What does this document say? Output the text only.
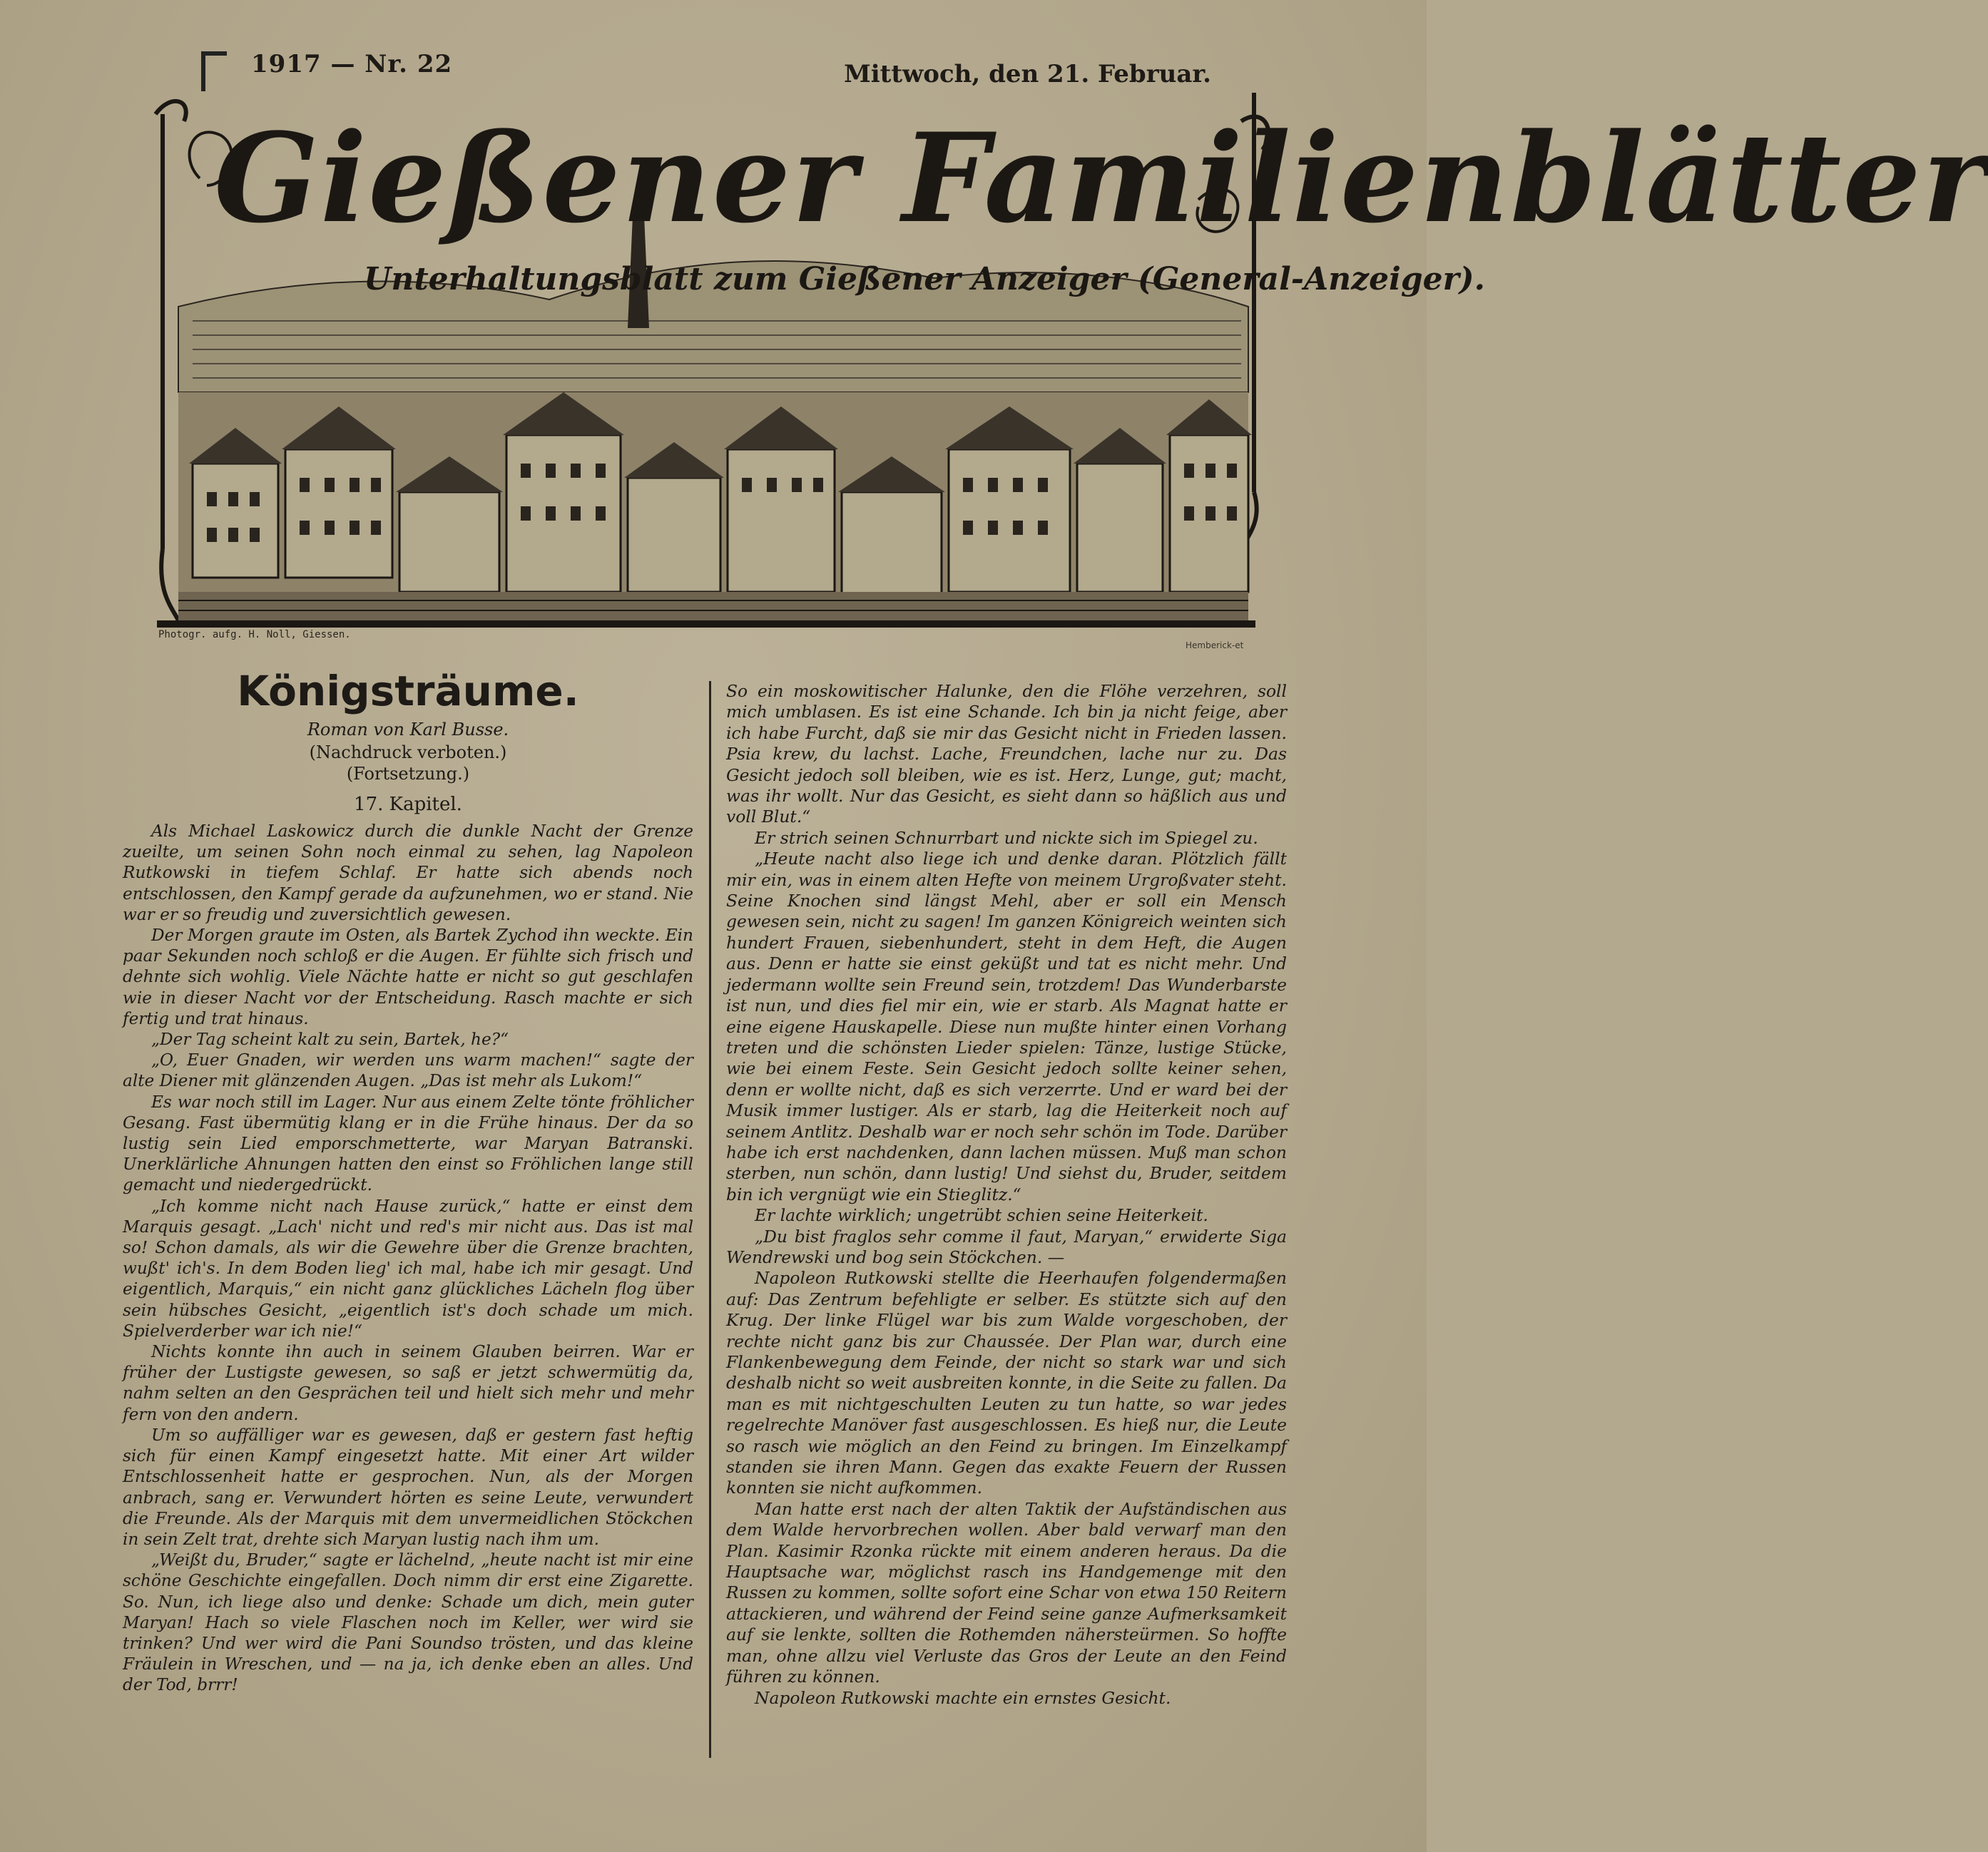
1917 — Nr. 22	Mittwoch, den 21. Februar.
Gießener Familienblätter
Unterhaltungsblatt zum Gießener Anzeiger (General-Anzeiger).
Photogr. aufg. H. Noll, Giessen.
Hemberick-et
Königsträume.
Roman von Karl Busse.
(Nachdruck verboten.)
(Fortsetzung.)
17. Kapitel.

Als Michael Laskowicz durch die dunkle Nacht der Grenze zueilte, um seinen Sohn noch einmal zu sehen, lag Napoleon Rutkowski in tiefem Schlaf. Er hatte sich abends noch entschlossen, den Kampf gerade da aufzunehmen, wo er stand. Nie war er so freudig und zuversichtlich gewesen.

Der Morgen graute im Osten, als Bartek Zychod ihn weckte. Ein paar Sekunden noch schloß er die Augen. Er fühlte sich frisch und dehnte sich wohlig. Viele Nächte hatte er nicht so gut geschlafen wie in dieser Nacht vor der Entscheidung. Rasch machte er sich fertig und trat hinaus.

„Der Tag scheint kalt zu sein, Bartek, he?“

„O, Euer Gnaden, wir werden uns warm machen!“ sagte der alte Diener mit glänzenden Augen. „Das ist mehr als Lukom!“

Es war noch still im Lager. Nur aus einem Zelte tönte fröhlicher Gesang. Fast übermütig klang er in die Frühe hinaus. Der da so lustig sein Lied emporschmetterte, war Maryan Batranski. Unerklärliche Ahnungen hatten den einst so Fröhlichen lange still gemacht und niedergedrückt.

„Ich komme nicht nach Hause zurück,“ hatte er einst dem Marquis gesagt. „Lach' nicht und red's mir nicht aus. Das ist mal so! Schon damals, als wir die Gewehre über die Grenze brachten, wußt' ich's. In dem Boden lieg' ich mal, habe ich mir gesagt. Und eigentlich, Marquis,“ ein nicht ganz glückliches Lächeln flog über sein hübsches Gesicht, „eigentlich ist's doch schade um mich. Spielverderber war ich nie!“

Nichts konnte ihn auch in seinem Glauben beirren. War er früher der Lustigste gewesen, so saß er jetzt schwermütig da, nahm selten an den Gesprächen teil und hielt sich mehr und mehr fern von den andern.

Um so auffälliger war es gewesen, daß er gestern fast heftig sich für einen Kampf eingesetzt hatte. Mit einer Art wilder Entschlossenheit hatte er gesprochen. Nun, als der Morgen anbrach, sang er. Verwundert hörten es seine Leute, verwundert die Freunde. Als der Marquis mit dem unvermeidlichen Stöckchen in sein Zelt trat, drehte sich Maryan lustig nach ihm um.

„Weißt du, Bruder,“ sagte er lächelnd, „heute nacht ist mir eine schöne Geschichte eingefallen. Doch nimm dir erst eine Zigarette. So. Nun, ich liege also und denke: Schade um dich, mein guter Maryan! Hach so viele Flaschen noch im Keller, wer wird sie trinken? Und wer wird die Pani Soundso trösten, und das kleine Fräulein in Wreschen, und — na ja, ich denke eben an alles. Und der Tod, brrr!

So ein moskowitischer Halunke, den die Flöhe verzehren, soll mich umblasen. Es ist eine Schande. Ich bin ja nicht feige, aber ich habe Furcht, daß sie mir das Gesicht nicht in Frieden lassen. Psia krew, du lachst. Lache, Freundchen, lache nur zu. Das Gesicht jedoch soll bleiben, wie es ist. Herz, Lunge, gut; macht, was ihr wollt. Nur das Gesicht, es sieht dann so häßlich aus und voll Blut.“

Er strich seinen Schnurrbart und nickte sich im Spiegel zu.

„Heute nacht also liege ich und denke daran. Plötzlich fällt mir ein, was in einem alten Hefte von meinem Urgroßvater steht. Seine Knochen sind längst Mehl, aber er soll ein Mensch gewesen sein, nicht zu sagen! Im ganzen Königreich weinten sich hundert Frauen, siebenhundert, steht in dem Heft, die Augen aus. Denn er hatte sie einst geküßt und tat es nicht mehr. Und jedermann wollte sein Freund sein, trotzdem! Das Wunderbarste ist nun, und dies fiel mir ein, wie er starb. Als Magnat hatte er eine eigene Hauskapelle. Diese nun mußte hinter einen Vorhang treten und die schönsten Lieder spielen: Tänze, lustige Stücke, wie bei einem Feste. Sein Gesicht jedoch sollte keiner sehen, denn er wollte nicht, daß es sich verzerrte. Und er ward bei der Musik immer lustiger. Als er starb, lag die Heiterkeit noch auf seinem Antlitz. Deshalb war er noch sehr schön im Tode. Darüber habe ich erst nachdenken, dann lachen müssen. Muß man schon sterben, nun schön, dann lustig! Und siehst du, Bruder, seitdem bin ich vergnügt wie ein Stieglitz.“

Er lachte wirklich; ungetrübt schien seine Heiterkeit.

„Du bist fraglos sehr comme il faut, Maryan,“ erwiderte Siga Wendrewski und bog sein Stöckchen. —

Napoleon Rutkowski stellte die Heerhaufen folgendermaßen auf: Das Zentrum befehligte er selber. Es stützte sich auf den Krug. Der linke Flügel war bis zum Walde vorgeschoben, der rechte nicht ganz bis zur Chaussée. Der Plan war, durch eine Flankenbewegung dem Feinde, der nicht so stark war und sich deshalb nicht so weit ausbreiten konnte, in die Seite zu fallen. Da man es mit nichtgeschulten Leuten zu tun hatte, so war jedes regelrechte Manöver fast ausgeschlossen. Es hieß nur, die Leute so rasch wie möglich an den Feind zu bringen. Im Einzelkampf standen sie ihren Mann. Gegen das exakte Feuern der Russen konnten sie nicht aufkommen.

Man hatte erst nach der alten Taktik der Aufständischen aus dem Walde hervorbrechen wollen. Aber bald verwarf man den Plan. Kasimir Rzonka rückte mit einem anderen heraus. Da die Hauptsache war, möglichst rasch ins Handgemenge mit den Russen zu kommen, sollte sofort eine Schar von etwa 150 Reitern attackieren, und während der Feind seine ganze Aufmerksamkeit auf sie lenkte, sollten die Rothemden nähersteürmen. So hoffte man, ohne allzu viel Verluste das Gros der Leute an den Feind führen zu können.

Napoleon Rutkowski machte ein ernstes Gesicht.
